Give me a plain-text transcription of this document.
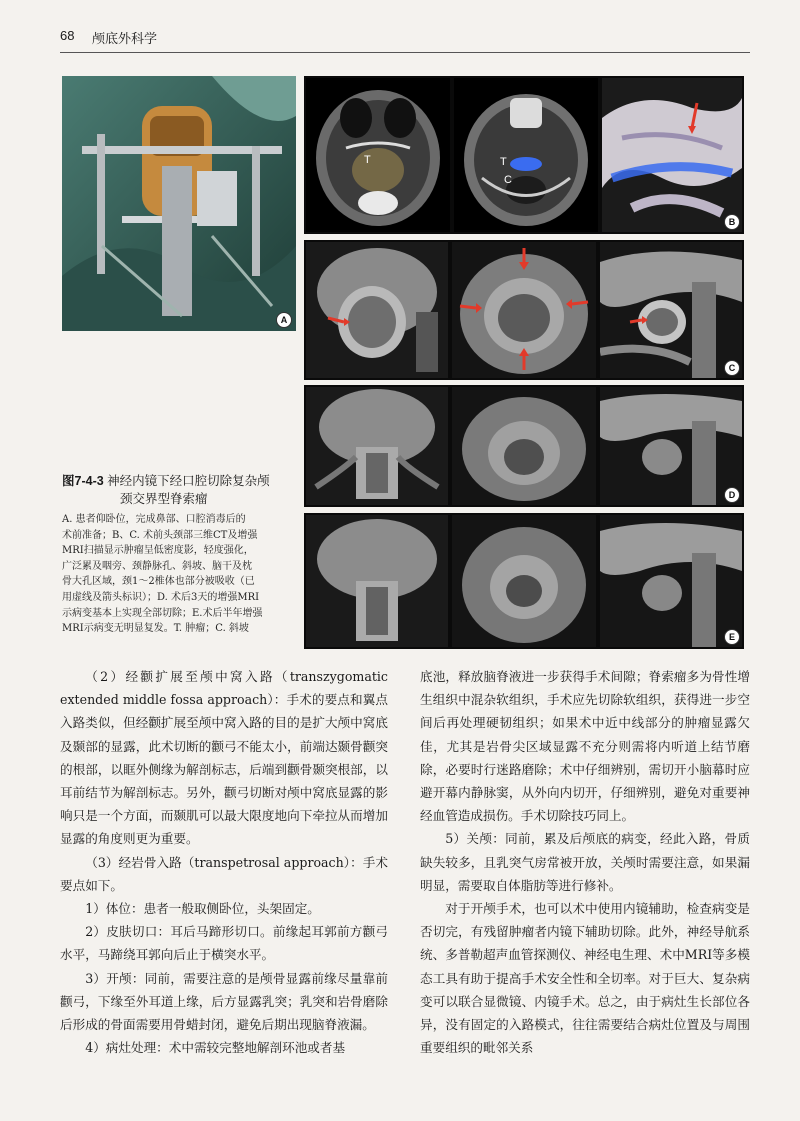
68 颅底外科学
A
T	T
C
B
C
D
E
图7-4-3 神经内镜下经口腔切除复杂颅
颈交界型脊索瘤
A. 患者仰卧位，完成鼻部、口腔消毒后的
术前准备；B、C. 术前头颈部三维CT及增强
MRI扫描显示肿瘤呈低密度影，轻度强化，
广泛累及咽旁、颈静脉孔、斜坡、脑干及枕
骨大孔区域，颈1～2椎体也部分被吸收（已
用虚线及箭头标识）；D. 术后3天的增强MRI
示病变基本上实现全部切除；E.术后半年增强
MRI示病变无明显复发。T. 肿瘤；C. 斜坡

（2）经颧扩展至颅中窝入路（transzygomatic extended middle fossa approach）：手术的要点和翼点入路类似，但经颧扩展至颅中窝入路的目的是扩大颅中窝底及颞部的显露，此术切断的颧弓不能太小，前端达颞骨颧突的根部，以眶外侧缘为解剖标志，后端到颧骨颞突根部，以耳前结节为解剖标志。另外，颧弓切断对颅中窝底显露的影响只是一个方面，而颞肌可以最大限度地向下牵拉从而增加显露的角度则更为重要。

（3）经岩骨入路（transpetrosal approach）：手术要点如下。

1）体位：患者一般取侧卧位，头架固定。

2）皮肤切口：耳后马蹄形切口。前缘起耳郭前方颧弓水平，马蹄绕耳郭向后止于横突水平。

3）开颅：同前，需要注意的是颅骨显露前缘尽量靠前颧弓，下缘至外耳道上缘，后方显露乳突；乳突和岩骨磨除后形成的骨面需要用骨蜡封闭，避免后期出现脑脊液漏。

4）病灶处理：术中需较完整地解剖环池或者基

底池，释放脑脊液进一步获得手术间隙；脊索瘤多为骨性增生组织中混杂软组织，手术应先切除软组织，获得进一步空间后再处理硬韧组织；如果术中近中线部分的肿瘤显露欠佳，尤其是岩骨尖区域显露不充分则需将内听道上结节磨除，必要时行迷路磨除；术中仔细辨别，需切开小脑幕时应避开幕内静脉窦，从外向内切开，仔细辨别，避免对重要神经血管造成损伤。手术切除技巧同上。

5）关颅：同前，累及后颅底的病变，经此入路，骨质缺失较多，且乳突气房常被开放，关颅时需要注意，如果漏明显，需要取自体脂肪等进行修补。

对于开颅手术，也可以术中使用内镜辅助，检查病变是否切完，有残留肿瘤者内镜下辅助切除。此外，神经导航系统、多普勒超声血管探测仪、神经电生理、术中MRI等多模态工具有助于提高手术安全性和全切率。对于巨大、复杂病变可以联合显微镜、内镜手术。总之，由于病灶生长部位各异，没有固定的入路模式，往往需要结合病灶位置及与周围重要组织的毗邻关系
